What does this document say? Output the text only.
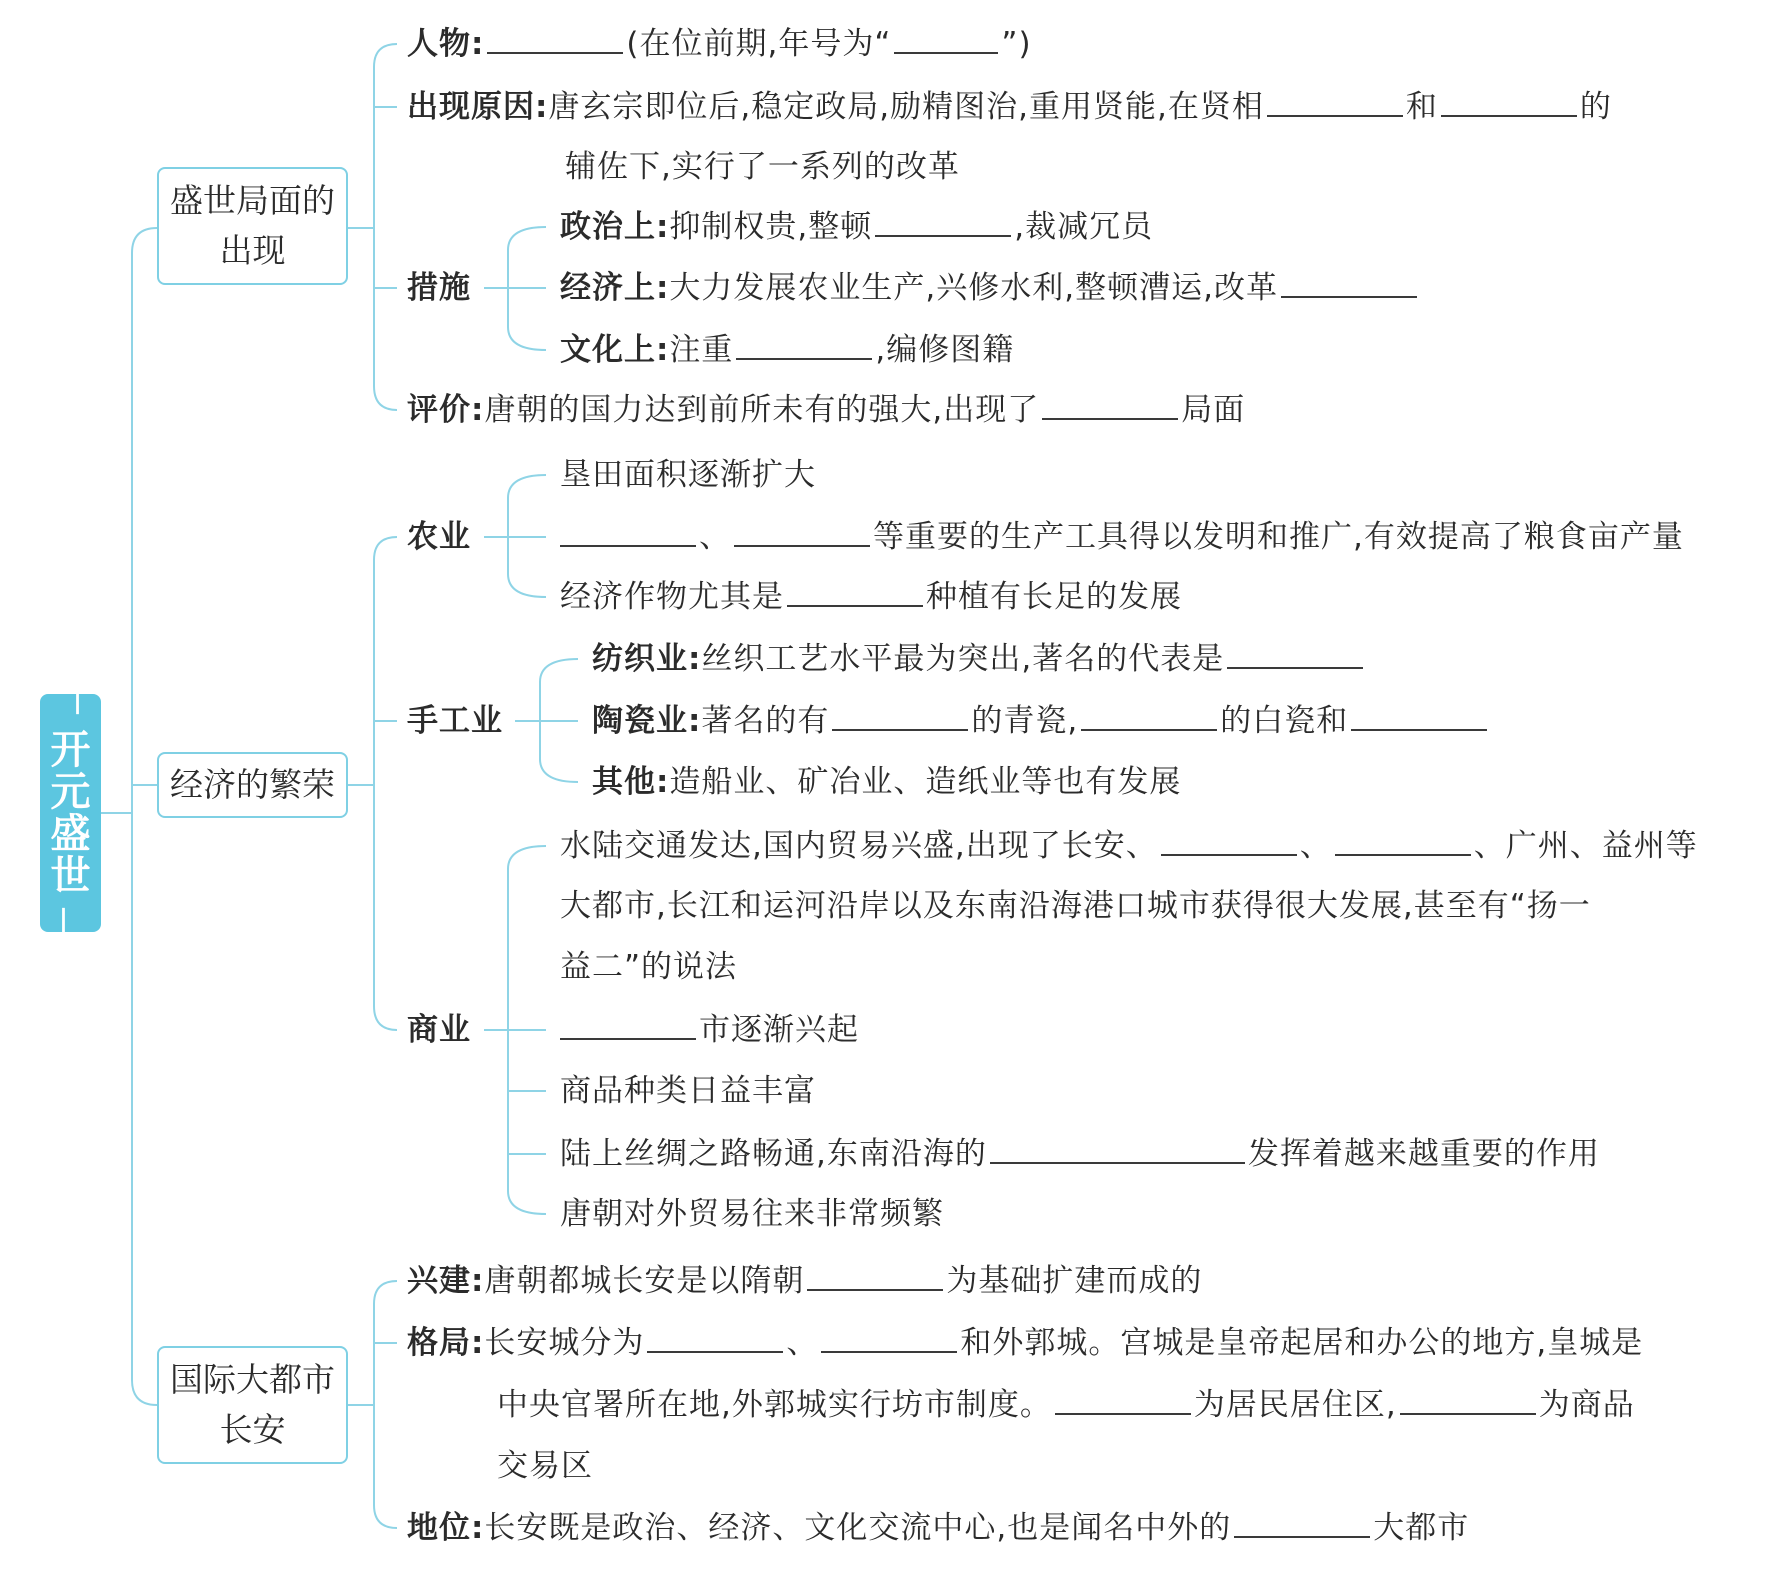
「
开
元
盛
世
」
盛世局面的
出现
经济的繁荣
国际大都市
长安
人物:	(在位前期,年号为“	”)
出现原因:唐玄宗即位后,稳定政局,励精图治,重用贤能,在贤相	和	的
辅佐下,实行了一系列的改革
措施
政治上:抑制权贵,整顿	,裁减冗员
经济上:大力发展农业生产,兴修水利,整顿漕运,改革
文化上:注重	,编修图籍
评价:唐朝的国力达到前所未有的强大,出现了	局面
农业
垦田面积逐渐扩大
、	等重要的生产工具得以发明和推广,有效提高了粮食亩产量
经济作物尤其是	种植有长足的发展
手工业
纺织业:丝织工艺水平最为突出,著名的代表是
陶瓷业:著名的有	的青瓷,	的白瓷和
其他:造船业、矿冶业、造纸业等也有发展
商业
水陆交通发达,国内贸易兴盛,出现了长安、	、	、广州、益州等
大都市,长江和运河沿岸以及东南沿海港口城市获得很大发展,甚至有“扬一
益二”的说法
市逐渐兴起
商品种类日益丰富
陆上丝绸之路畅通,东南沿海的	发挥着越来越重要的作用
唐朝对外贸易往来非常频繁
兴建:唐朝都城长安是以隋朝	为基础扩建而成的
格局:长安城分为	、	和外郭城。宫城是皇帝起居和办公的地方,皇城是
中央官署所在地,外郭城实行坊市制度。	为居民居住区,	为商品
交易区
地位:长安既是政治、经济、文化交流中心,也是闻名中外的	大都市
